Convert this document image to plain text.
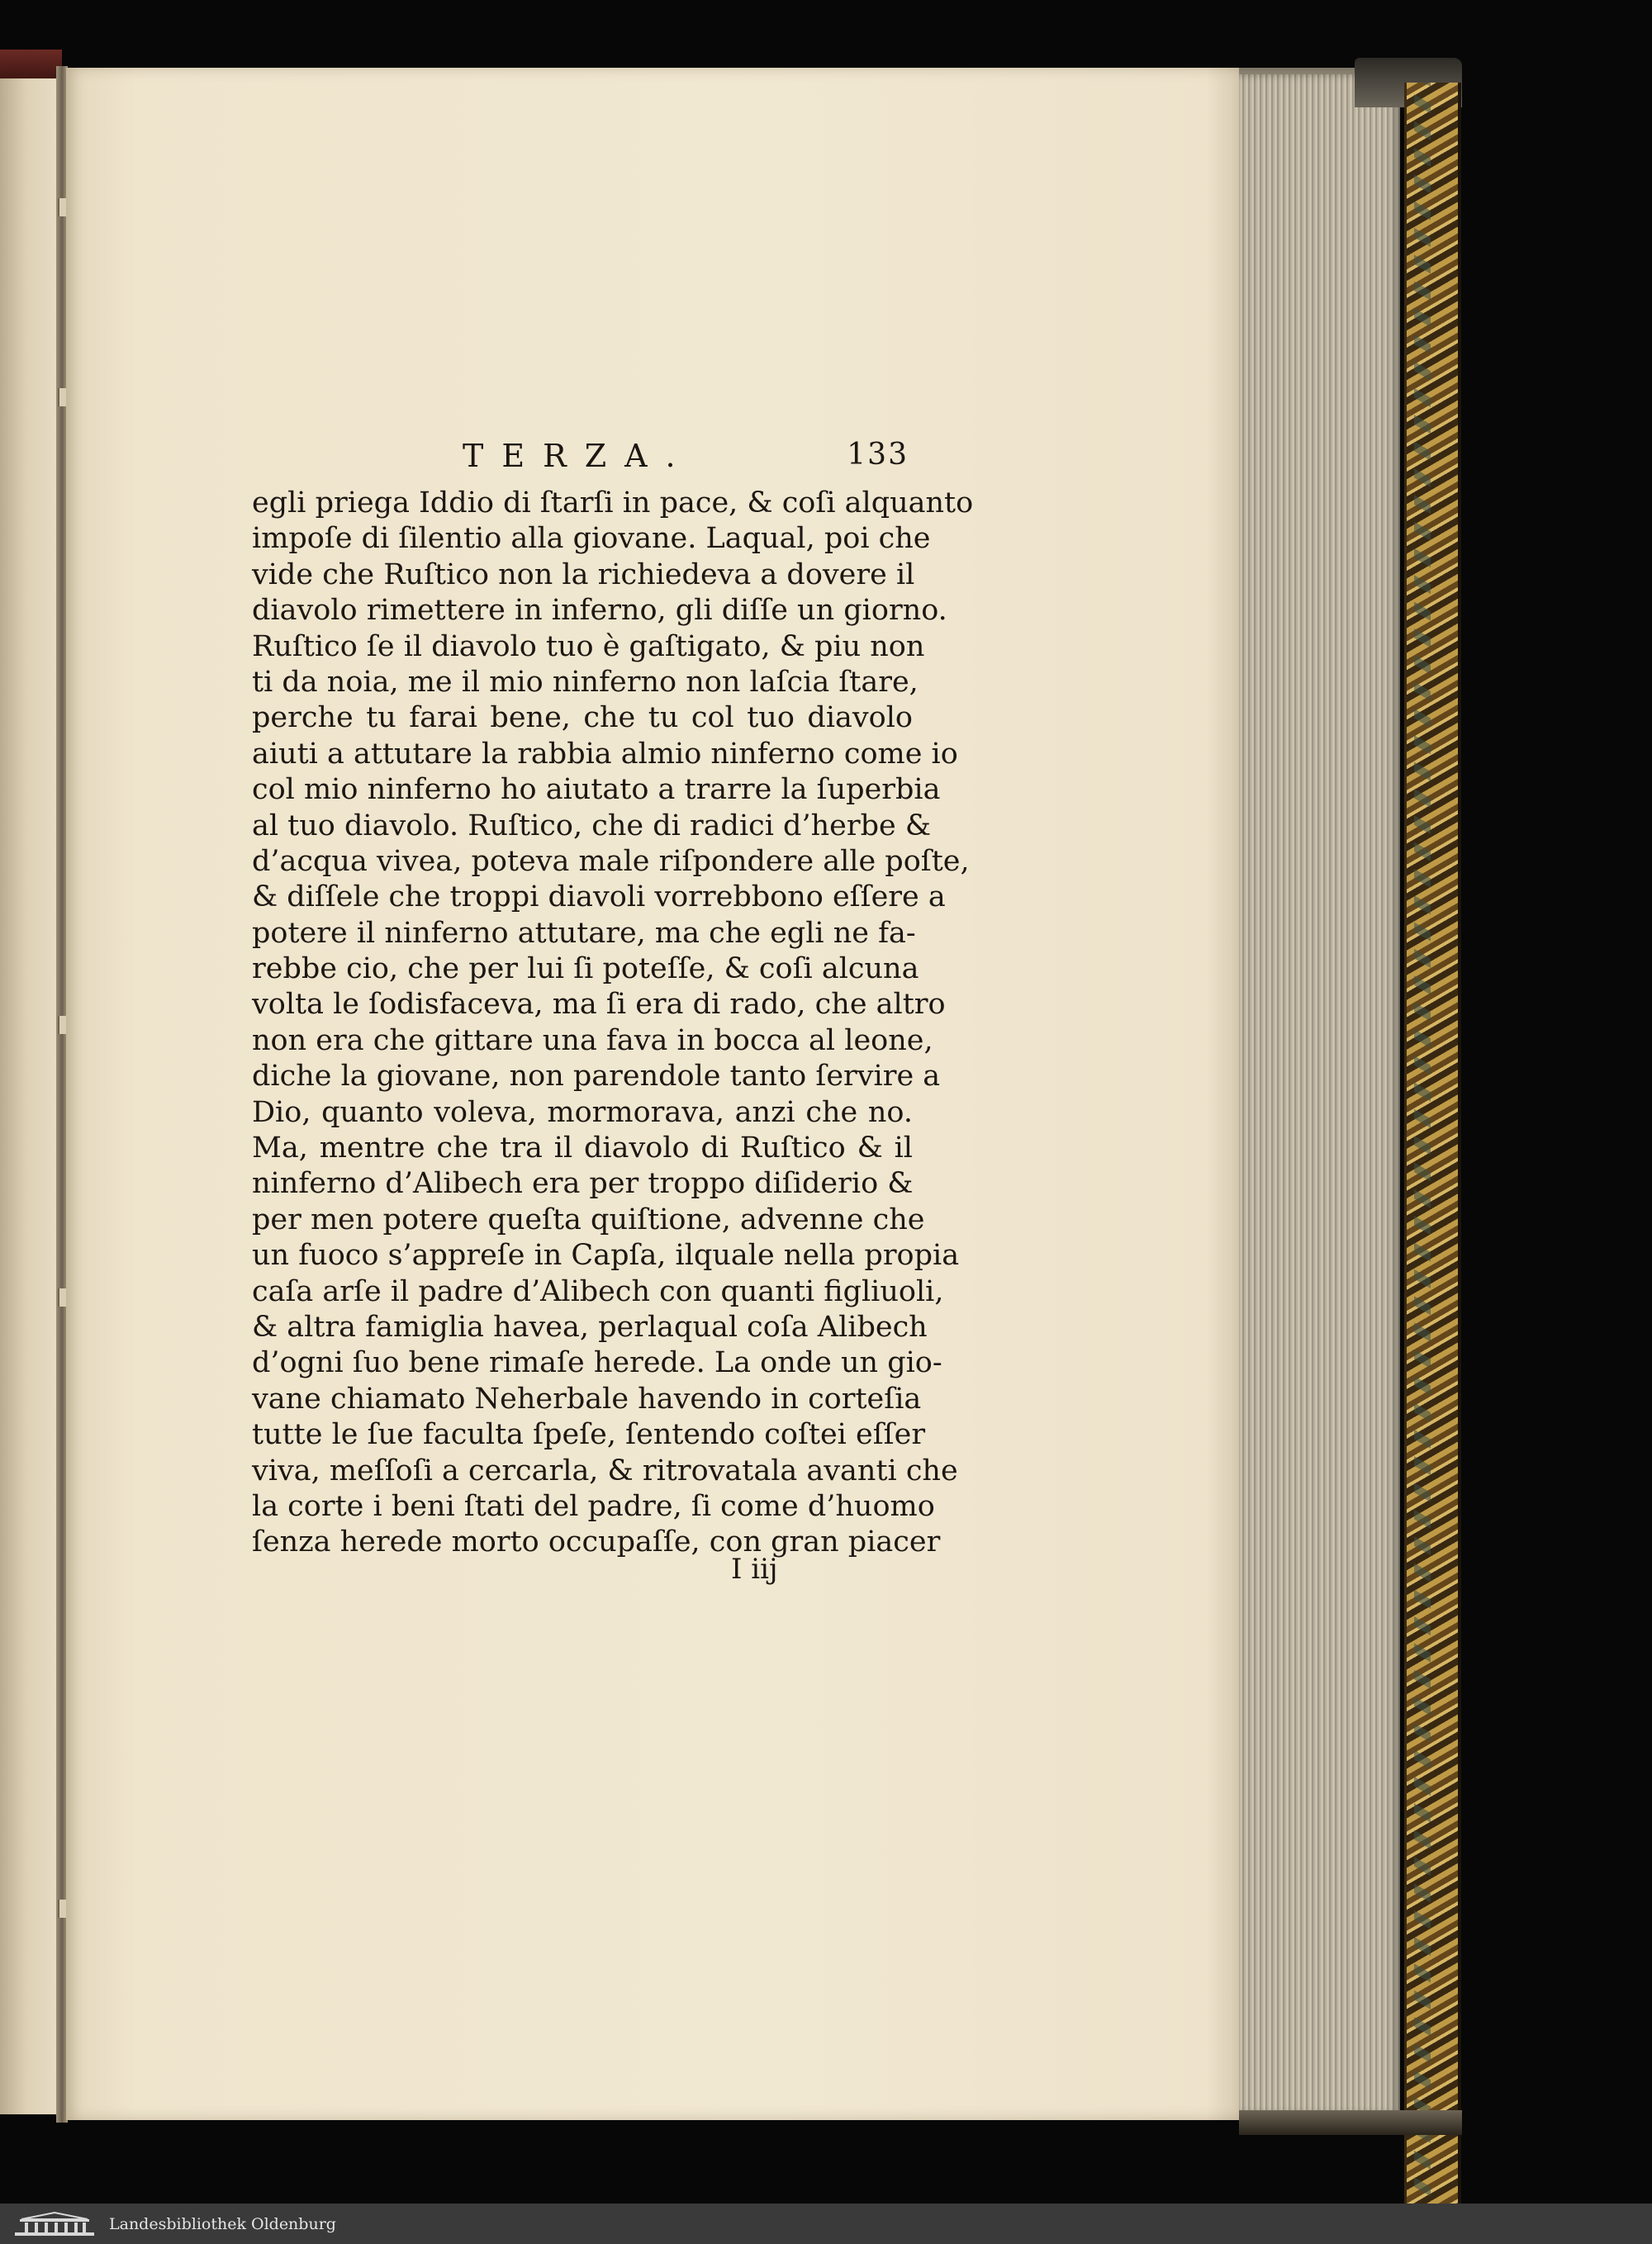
TERZA.	133
egli priega Iddio di ſtarſi in pace, & coſi alquanto
impoſe di ſilentio alla giovane. Laqual, poi che
vide che Ruſtico non la richiedeva a dovere il
diavolo rimettere in inferno, gli diſſe un giorno.
Ruſtico ſe il diavolo tuo è gaſtigato, & piu non
ti da noia, me il mio ninferno non laſcia ſtare,
perche tu farai bene, che tu col tuo diavolo
aiuti a attutare la rabbia almio ninferno come io
col mio ninferno ho aiutato a trarre la ſuperbia
al tuo diavolo. Ruſtico, che di radici d’herbe &
d’acqua vivea, poteva male riſpondere alle poſte,
& diſſele che troppi diavoli vorrebbono eſſere a
potere il ninferno attutare, ma che egli ne fa-
rebbe cio, che per lui ſi poteſſe, & coſi alcuna
volta le ſodisfaceva, ma ſi era di rado, che altro
non era che gittare una fava in bocca al leone,
diche la giovane, non parendole tanto ſervire a
Dio, quanto voleva, mormorava, anzi che no.
Ma, mentre che tra il diavolo di Ruſtico & il
ninferno d’Alibech era per troppo diſiderio &
per men potere queſta quiſtione, advenne che
un fuoco s’appreſe in Capſa, ilquale nella propia
caſa arſe il padre d’Alibech con quanti figliuoli,
& altra famiglia havea, perlaqual coſa Alibech
d’ogni ſuo bene rimaſe herede. La onde un gio-
vane chiamato Neherbale havendo in corteſia
tutte le ſue faculta ſpeſe, ſentendo coſtei eſſer
viva, meſſoſi a cercarla, & ritrovatala avanti che
la corte i beni ſtati del padre, ſi come d’huomo
ſenza herede morto occupaſſe, con gran piacer
I iij
Landesbibliothek Oldenburg
